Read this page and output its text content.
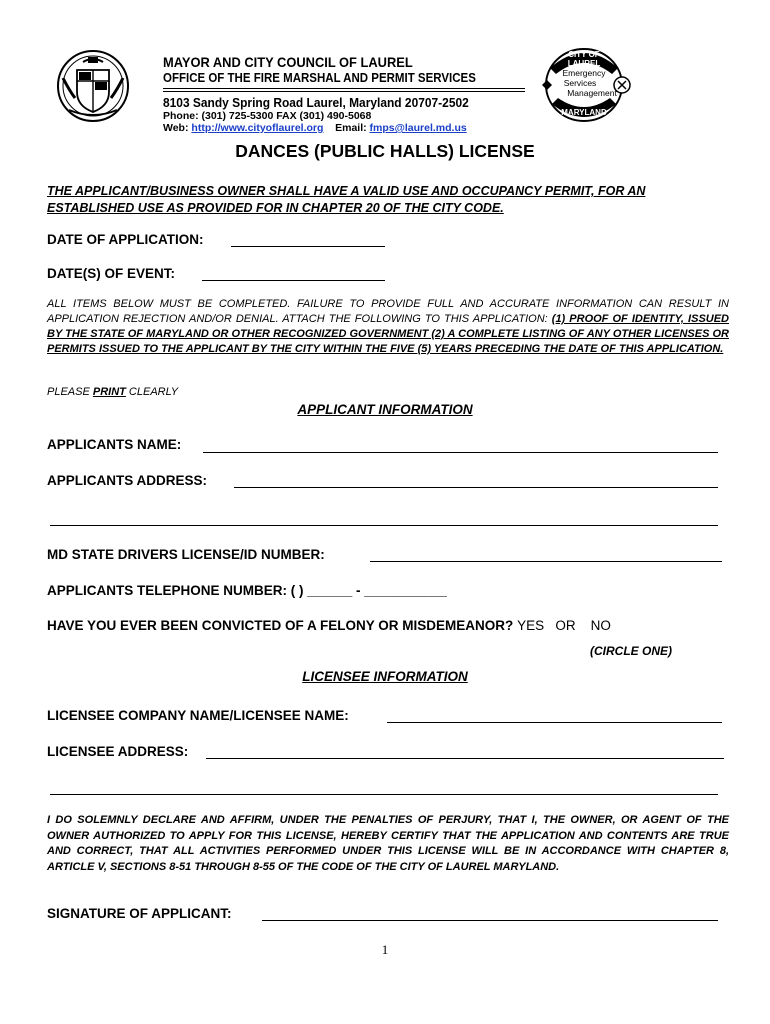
MAYOR AND CITY COUNCIL OF LAUREL
OFFICE OF THE FIRE MARSHAL AND PERMIT SERVICES
8103 Sandy Spring Road Laurel, Maryland 20707-2502
Phone: (301) 725-5300 FAX (301) 490-5068
Web: http://www.cityoflaurel.org Email: fmps@laurel.md.us
CITY OF LAUREL
Emergency
Services
Management
MARYLAND
DANCES (PUBLIC HALLS) LICENSE
THE APPLICANT/BUSINESS OWNER SHALL HAVE A VALID USE AND OCCUPANCY PERMIT, FOR AN ESTABLISHED USE AS PROVIDED FOR IN CHAPTER 20 OF THE CITY CODE.
DATE OF APPLICATION:
DATE(S) OF EVENT:
ALL ITEMS BELOW MUST BE COMPLETED. FAILURE TO PROVIDE FULL AND ACCURATE INFORMATION CAN RESULT IN APPLICATION REJECTION AND/OR DENIAL. ATTACH THE FOLLOWING TO THIS APPLICATION: (1) PROOF OF IDENTITY, ISSUED BY THE STATE OF MARYLAND OR OTHER RECOGNIZED GOVERNMENT (2) A COMPLETE LISTING OF ANY OTHER LICENSES OR PERMITS ISSUED TO THE APPLICANT BY THE CITY WITHIN THE FIVE (5) YEARS PRECEDING THE DATE OF THIS APPLICATION.
PLEASE PRINT CLEARLY
APPLICANT INFORMATION
APPLICANTS NAME:
APPLICANTS ADDRESS:
MD STATE DRIVERS LICENSE/ID NUMBER:
APPLICANTS TELEPHONE NUMBER: ( ) ______ - ___________
HAVE YOU EVER BEEN CONVICTED OF A FELONY OR MISDEMEANOR? YES   OR    NO
(CIRCLE ONE)
LICENSEE INFORMATION
LICENSEE COMPANY NAME/LICENSEE NAME:
LICENSEE ADDRESS:
I DO SOLEMNLY DECLARE AND AFFIRM, UNDER THE PENALTIES OF PERJURY, THAT I, THE OWNER, OR AGENT OF THE OWNER AUTHORIZED TO APPLY FOR THIS LICENSE, HEREBY CERTIFY THAT THE APPLICATION AND CONTENTS ARE TRUE AND CORRECT, THAT ALL ACTIVITIES PERFORMED UNDER THIS LICENSE WILL BE IN ACCORDANCE WITH CHAPTER 8, ARTICLE V, SECTIONS 8-51 THROUGH 8-55 OF THE CODE OF THE CITY OF LAUREL MARYLAND.
SIGNATURE OF APPLICANT:
1
